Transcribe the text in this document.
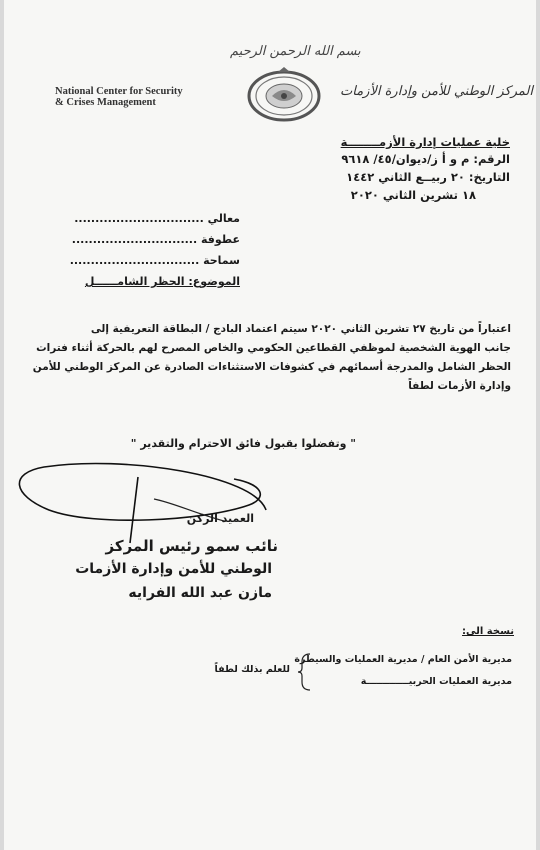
بسم الله الرحمن الرحيم
National Center for Security
& Crises Management
المركز الوطني للأمن وإدارة الأزمات
خلية عمليات إدارة الأزمــــــــة
الرقم: م و أ ز/ديوان/٤٥/ ٩٦١٨
التاريخ: ٢٠ ربيــع الثاني ١٤٤٢
١٨ تشرين الثاني ٢٠٢٠
معالي ...............................
عطوفة ..............................
سماحة ...............................
الموضوع: الحظر الشامــــــل
اعتباراً من تاريخ ٢٧ تشرين الثاني ٢٠٢٠ سيتم اعتماد البادج / البطاقة التعريفية إلى
جانب الهوية الشخصية لموظفي القطاعين الحكومي والخاص المصرح لهم بالحركة أثناء فترات
الحظر الشامل والمدرجة أسمائهم في كشوفات الاستثناءات الصادرة عن المركز الوطني للأمن
وإدارة الأزمات لطفاً
" وتفضلوا بقبول فائق الاحترام والتقدير "
العميد الركن
نائب سمو رئيس المركز
الوطني للأمن وإدارة الأزمات
مازن عبد الله الفرايه
نسخة الى:
مديرية الأمن العام / مديرية العمليات والسيطرة
مديرية العمليات الحربيـــــــــــــة
للعلم بذلك لطفاً
